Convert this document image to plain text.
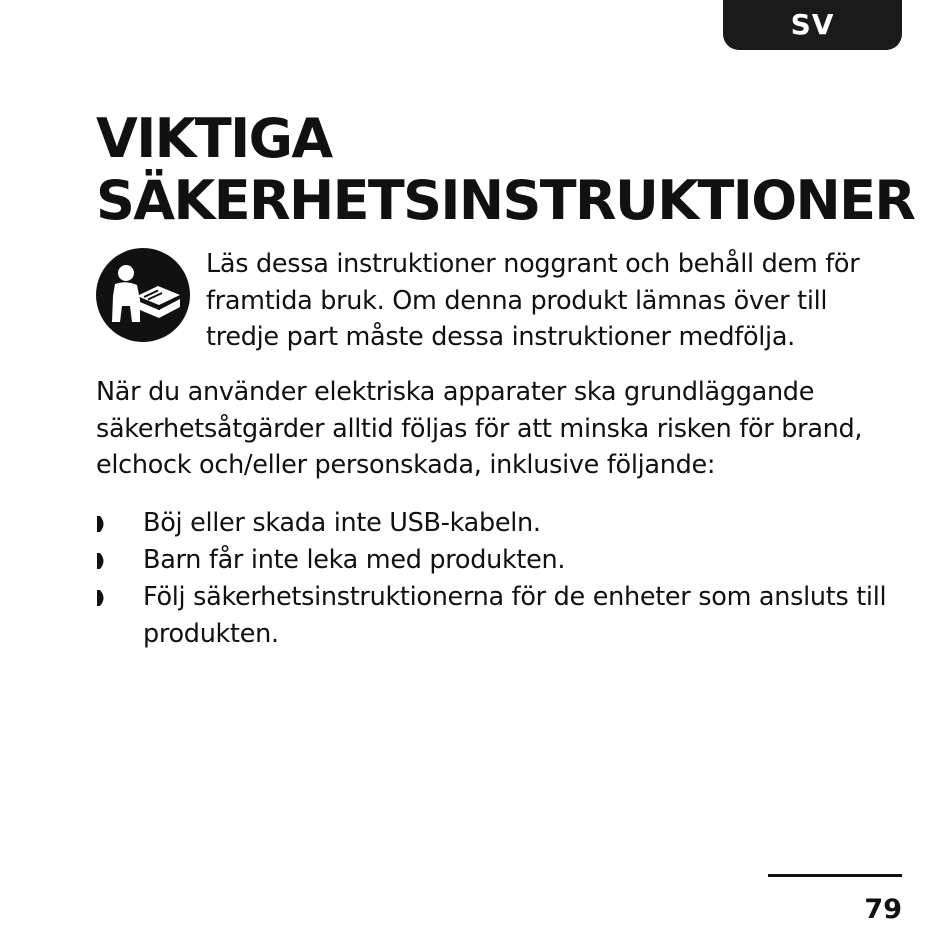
SV
VIKTIGA
SÄKERHETSINSTRUKTIONER

Läs dessa instruktioner noggrant och behåll dem för framtida bruk. Om denna produkt lämnas över till tredje part måste dessa instruktioner medfölja.

När du använder elektriska apparater ska grundläggande säkerhetsåtgärder alltid följas för att minska risken för brand, elchock och/eller personskada, inklusive följande:

Böj eller skada inte USB-kabeln.
Barn får inte leka med produkten.
Följ säkerhetsinstruktionerna för de enheter som ansluts till produkten.
79
